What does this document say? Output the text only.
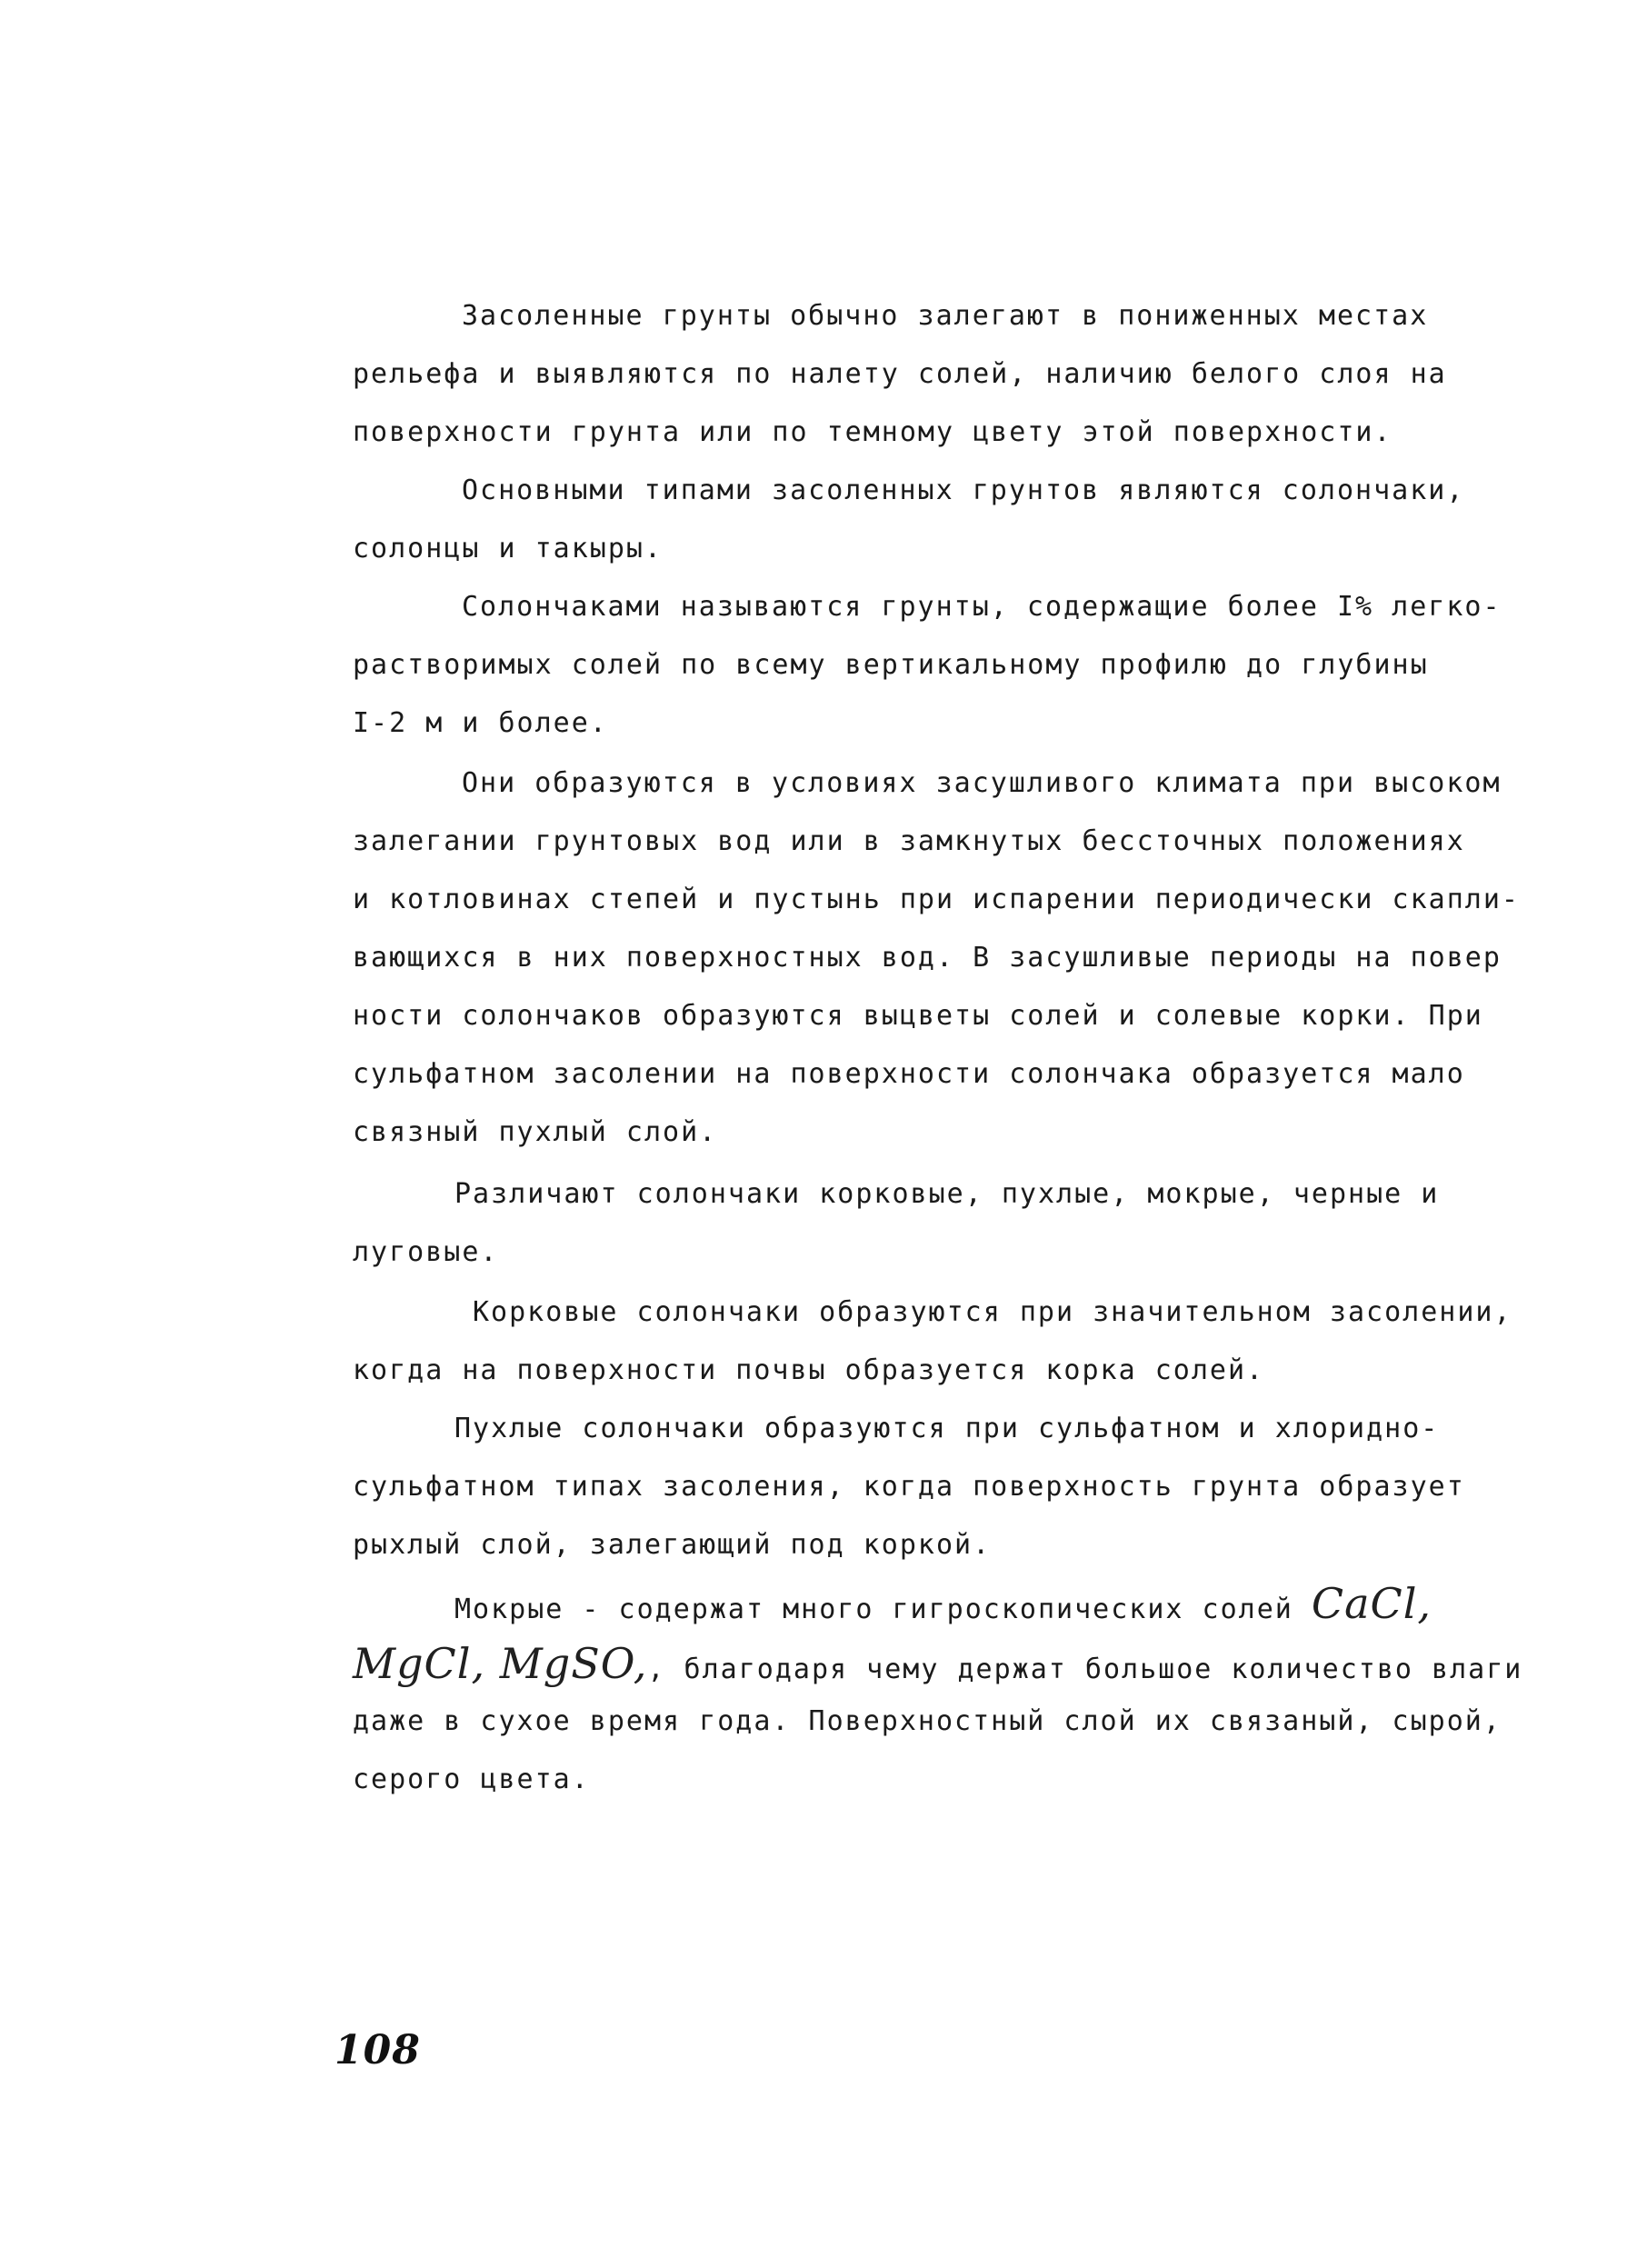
Засоленные грунты обычно залегают в пониженных местах
рельефа и выявляются по налету солей, наличию белого слоя на
поверхности грунта или по темному цвету этой поверхности.
Основными типами засоленных грунтов являются солончаки,
солонцы и такыры.
Солончаками называются грунты, содержащие более I% легко-
растворимых солей по всему вертикальному профилю до глубины
I-2 м и более.
Они образуются в условиях засушливого климата при высоком
залегании грунтовых вод или в замкнутых бессточных положениях
и котловинах степей и пустынь при испарении периодически скапли-
вающихся в них поверхностных вод. В засушливые периоды на повер
ности солончаков образуются выцветы солей и солевые корки. При
сульфатном засолении на поверхности солончака образуется мало
связный пухлый слой.
Различают солончаки корковые, пухлые, мокрые, черные и
луговые.
Корковые солончаки образуются при значительном засолении,
когда на поверхности почвы образуется корка солей.
Пухлые солончаки образуются при сульфатном и хлоридно-
сульфатном типах засоления, когда поверхность грунта образует
рыхлый слой, залегающий под коркой.
Мокрые - содержат много гигроскопических солей CaCl,
MgCl, MgSO,, благодаря чему держат большое количество влаги
даже в сухое время года. Поверхностный слой их связаный, сырой,
серого цвета.
108
